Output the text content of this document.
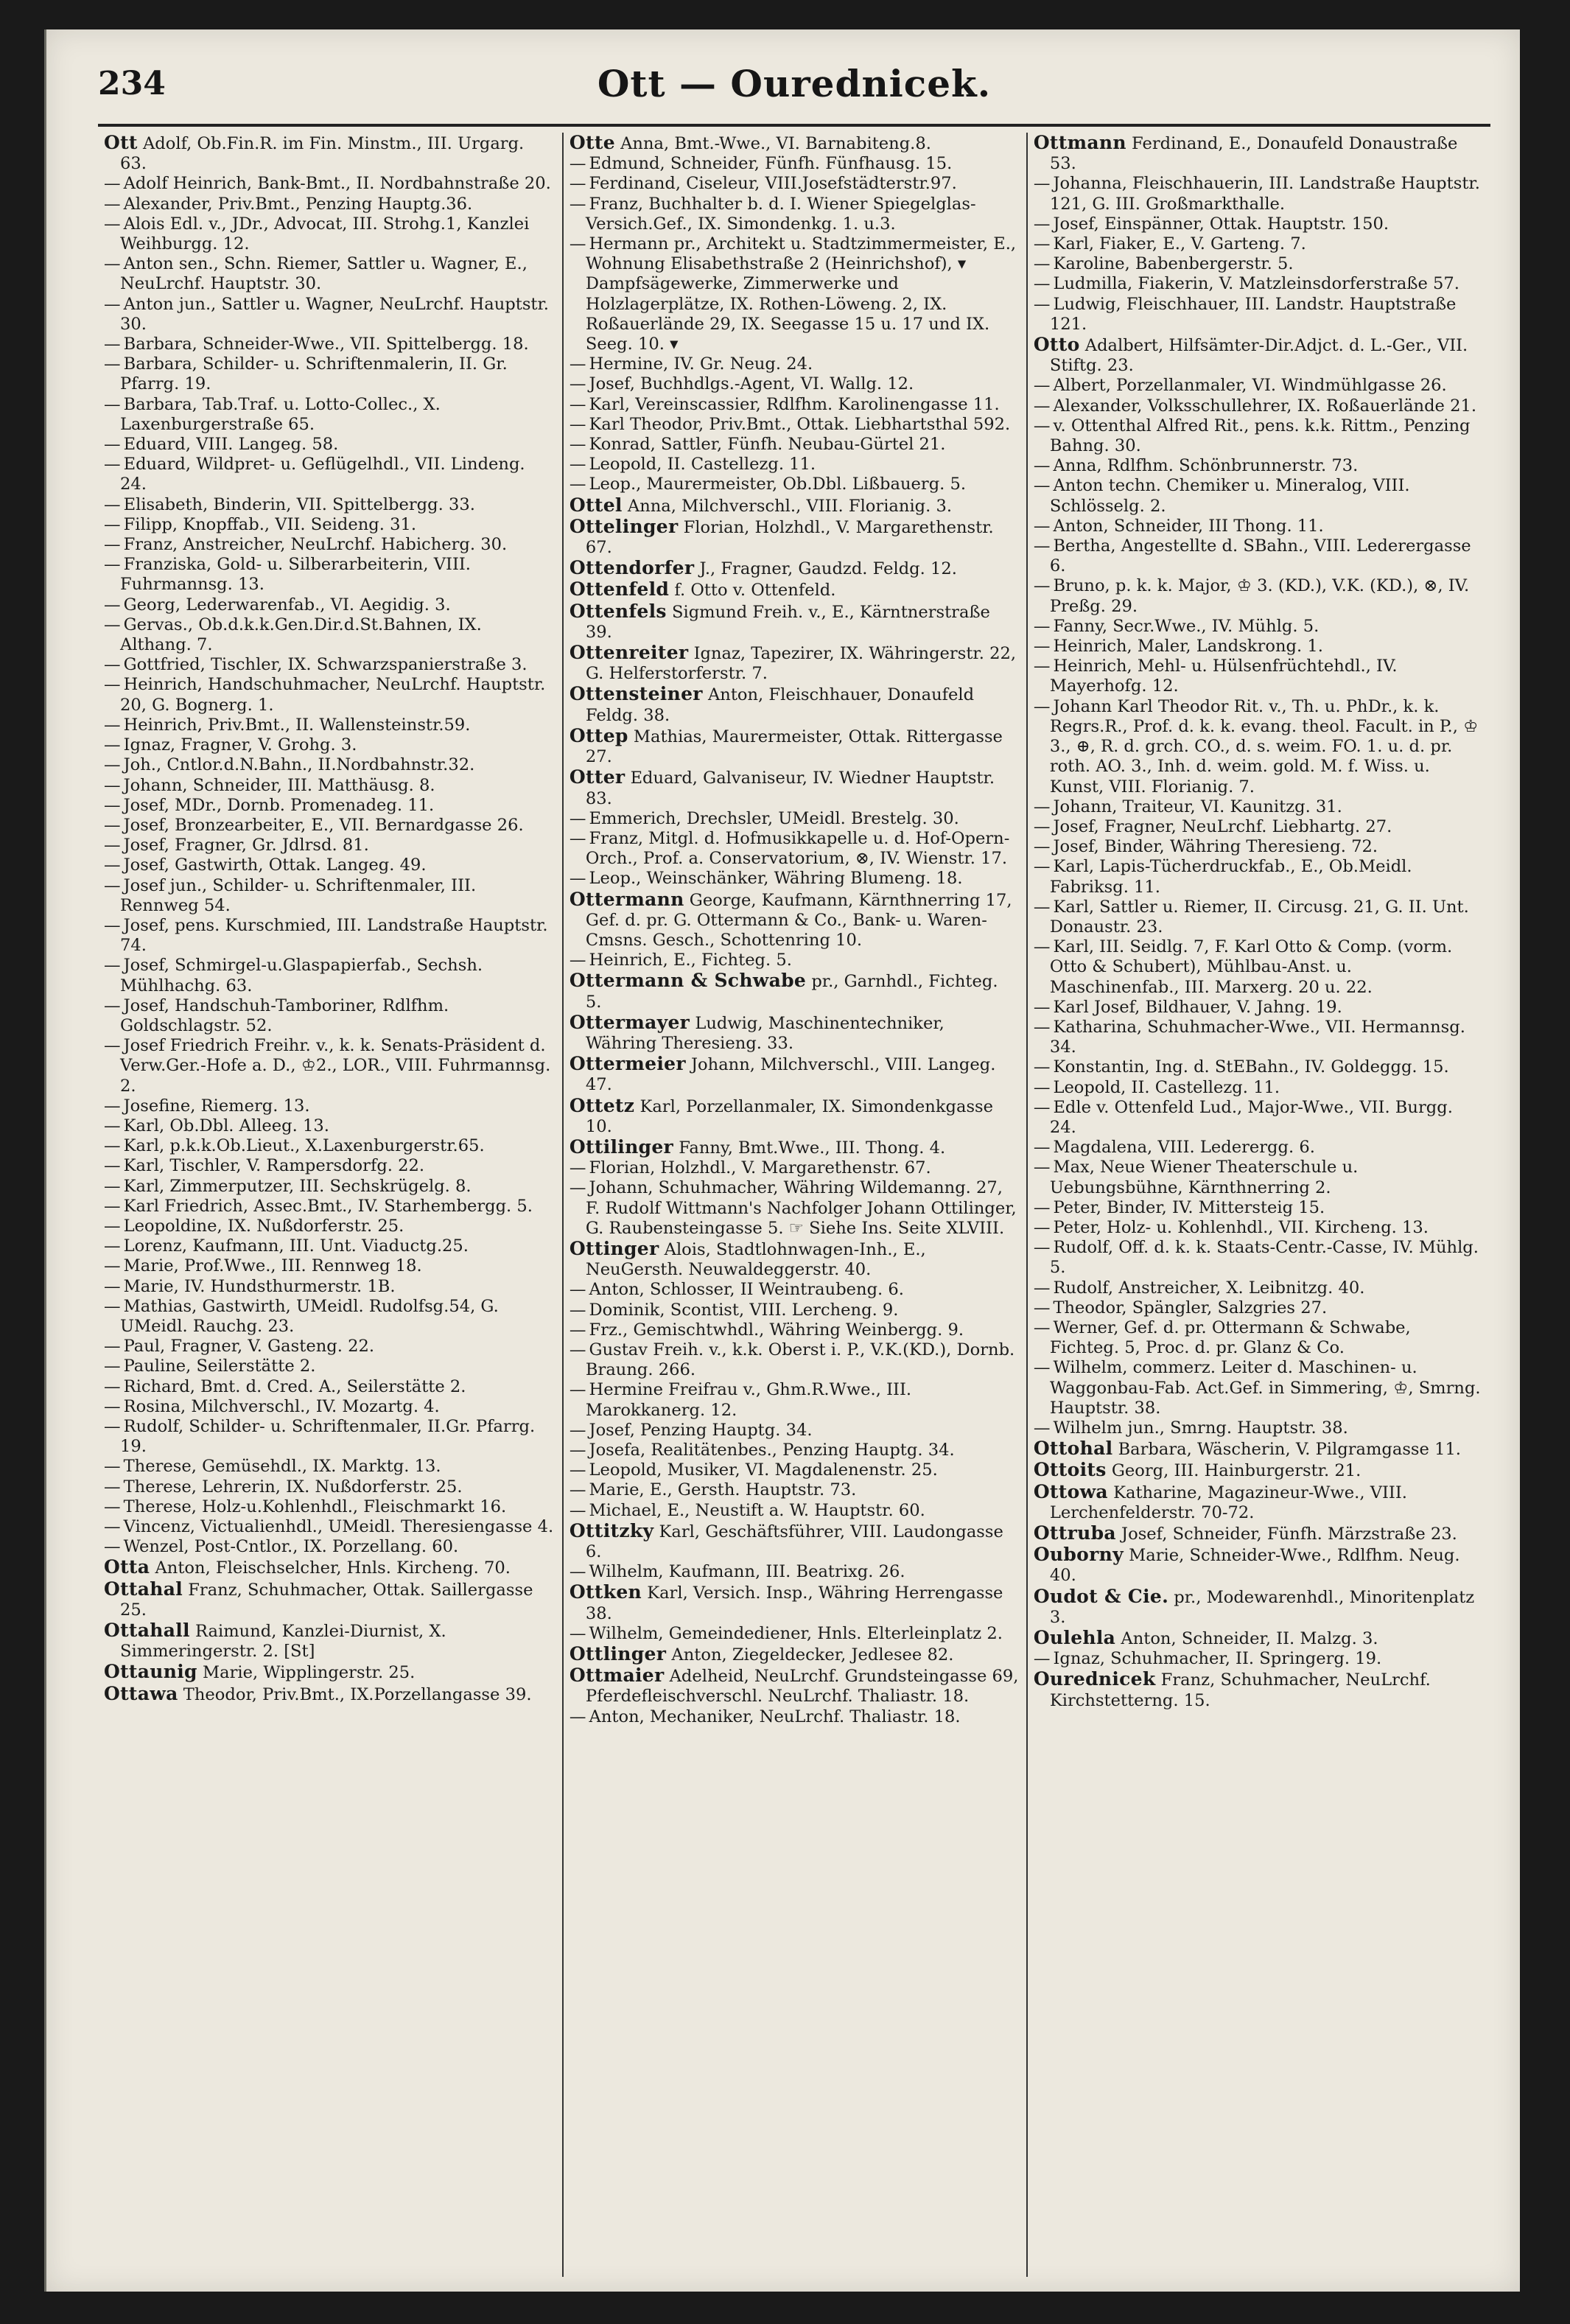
234	Ott — Ourednicek.
Ott Adolf, Ob.Fin.R. im Fin. Minstm., III. Urgarg. 63.
— Adolf Heinrich, Bank-Bmt., II. Nordbahnstraße 20.
— Alexander, Priv.Bmt., Penzing Hauptg.36.
— Alois Edl. v., JDr., Advocat, III. Strohg.1, Kanzlei Weihburgg. 12.
— Anton sen., Schn. Riemer, Sattler u. Wagner, E., NeuLrchf. Hauptstr. 30.
— Anton jun., Sattler u. Wagner, NeuLrchf. Hauptstr. 30.
— Barbara, Schneider-Wwe., VII. Spittelbergg. 18.
— Barbara, Schilder- u. Schriftenmalerin, II. Gr. Pfarrg. 19.
— Barbara, Tab.Traf. u. Lotto-Collec., X. Laxenburgerstraße 65.
— Eduard, VIII. Langeg. 58.
— Eduard, Wildpret- u. Geflügelhdl., VII. Lindeng. 24.
— Elisabeth, Binderin, VII. Spittelbergg. 33.
— Filipp, Knopffab., VII. Seideng. 31.
— Franz, Anstreicher, NeuLrchf. Habicherg. 30.
— Franziska, Gold- u. Silberarbeiterin, VIII. Fuhrmannsg. 13.
— Georg, Lederwarenfab., VI. Aegidig. 3.
— Gervas., Ob.d.k.k.Gen.Dir.d.St.Bahnen, IX. Althang. 7.
— Gottfried, Tischler, IX. Schwarzspanierstraße 3.
— Heinrich, Handschuhmacher, NeuLrchf. Hauptstr. 20, G. Bognerg. 1.
— Heinrich, Priv.Bmt., II. Wallensteinstr.59.
— Ignaz, Fragner, V. Grohg. 3.
— Joh., Cntlor.d.N.Bahn., II.Nordbahnstr.32.
— Johann, Schneider, III. Matthäusg. 8.
— Josef, MDr., Dornb. Promenadeg. 11.
— Josef, Bronzearbeiter, E., VII. Bernardgasse 26.
— Josef, Fragner, Gr. Jdlrsd. 81.
— Josef, Gastwirth, Ottak. Langeg. 49.
— Josef jun., Schilder- u. Schriftenmaler, III. Rennweg 54.
— Josef, pens. Kurschmied, III. Landstraße Hauptstr. 74.
— Josef, Schmirgel-u.Glaspapierfab., Sechsh. Mühlhachg. 63.
— Josef, Handschuh-Tamboriner, Rdlfhm. Goldschlagstr. 52.
— Josef Friedrich Freihr. v., k. k. Senats-Präsident d. Verw.Ger.-Hofe a. D., ♔2., LOR., VIII. Fuhrmannsg. 2.
— Josefine, Riemerg. 13.
— Karl, Ob.Dbl. Alleeg. 13.
— Karl, p.k.k.Ob.Lieut., X.Laxenburgerstr.65.
— Karl, Tischler, V. Rampersdorfg. 22.
— Karl, Zimmerputzer, III. Sechskrügelg. 8.
— Karl Friedrich, Assec.Bmt., IV. Starhembergg. 5.
— Leopoldine, IX. Nußdorferstr. 25.
— Lorenz, Kaufmann, III. Unt. Viaductg.25.
— Marie, Prof.Wwe., III. Rennweg 18.
— Marie, IV. Hundsthurmerstr. 1B.
— Mathias, Gastwirth, UMeidl. Rudolfsg.54, G. UMeidl. Rauchg. 23.
— Paul, Fragner, V. Gasteng. 22.
— Pauline, Seilerstätte 2.
— Richard, Bmt. d. Cred. A., Seilerstätte 2.
— Rosina, Milchverschl., IV. Mozartg. 4.
— Rudolf, Schilder- u. Schriftenmaler, II.Gr. Pfarrg. 19.
— Therese, Gemüsehdl., IX. Marktg. 13.
— Therese, Lehrerin, IX. Nußdorferstr. 25.
— Therese, Holz-u.Kohlenhdl., Fleischmarkt 16.
— Vincenz, Victualienhdl., UMeidl. Theresiengasse 4.
— Wenzel, Post-Cntlor., IX. Porzellang. 60.
Otta Anton, Fleischselcher, Hnls. Kircheng. 70.
Ottahal Franz, Schuhmacher, Ottak. Saillergasse 25.
Ottahall Raimund, Kanzlei-Diurnist, X. Simmeringerstr. 2. [St]
Ottaunig Marie, Wipplingerstr. 25.
Ottawa Theodor, Priv.Bmt., IX.Porzellangasse 39.
Otte Anna, Bmt.-Wwe., VI. Barnabiteng.8.
— Edmund, Schneider, Fünfh. Fünfhausg. 15.
— Ferdinand, Ciseleur, VIII.Josefstädterstr.97.
— Franz, Buchhalter b. d. I. Wiener Spiegelglas-Versich.Gef., IX. Simondenkg. 1. u.3.
— Hermann pr., Architekt u. Stadtzimmermeister, E., Wohnung Elisabethstraße 2 (Heinrichshof), ▾ Dampfsägewerke, Zimmerwerke und Holzlagerplätze, IX. Rothen-Löweng. 2, IX. Roßauerlände 29, IX. Seegasse 15 u. 17 und IX. Seeg. 10. ▾
— Hermine, IV. Gr. Neug. 24.
— Josef, Buchhdlgs.-Agent, VI. Wallg. 12.
— Karl, Vereinscassier, Rdlfhm. Karolinengasse 11.
— Karl Theodor, Priv.Bmt., Ottak. Liebhartsthal 592.
— Konrad, Sattler, Fünfh. Neubau-Gürtel 21.
— Leopold, II. Castellezg. 11.
— Leop., Maurermeister, Ob.Dbl. Lißbauerg. 5.
Ottel Anna, Milchverschl., VIII. Florianig. 3.
Ottelinger Florian, Holzhdl., V. Margarethenstr. 67.
Ottendorfer J., Fragner, Gaudzd. Feldg. 12.
Ottenfeld f. Otto v. Ottenfeld.
Ottenfels Sigmund Freih. v., E., Kärntnerstraße 39.
Ottenreiter Ignaz, Tapezirer, IX. Währingerstr. 22, G. Helferstorferstr. 7.
Ottensteiner Anton, Fleischhauer, Donaufeld Feldg. 38.
Ottep Mathias, Maurermeister, Ottak. Rittergasse 27.
Otter Eduard, Galvaniseur, IV. Wiedner Hauptstr. 83.
— Emmerich, Drechsler, UMeidl. Brestelg. 30.
— Franz, Mitgl. d. Hofmusikkapelle u. d. Hof-Opern-Orch., Prof. a. Conservatorium, ⊗, IV. Wienstr. 17.
— Leop., Weinschänker, Währing Blumeng. 18.
Ottermann George, Kaufmann, Kärnthnerring 17, Gef. d. pr. G. Ottermann & Co., Bank- u. Waren-Cmsns. Gesch., Schottenring 10.
— Heinrich, E., Fichteg. 5.
Ottermann & Schwabe pr., Garnhdl., Fichteg. 5.
Ottermayer Ludwig, Maschinentechniker, Währing Theresieng. 33.
Ottermeier Johann, Milchverschl., VIII. Langeg. 47.
Ottetz Karl, Porzellanmaler, IX. Simondenkgasse 10.
Ottilinger Fanny, Bmt.Wwe., III. Thong. 4.
— Florian, Holzhdl., V. Margarethenstr. 67.
— Johann, Schuhmacher, Währing Wildemanng. 27, F. Rudolf Wittmann's Nachfolger Johann Ottilinger, G. Raubensteingasse 5. ☞ Siehe Ins. Seite XLVIII.
Ottinger Alois, Stadtlohnwagen-Inh., E., NeuGersth. Neuwaldeggerstr. 40.
— Anton, Schlosser, II Weintraubeng. 6.
— Dominik, Scontist, VIII. Lercheng. 9.
— Frz., Gemischtwhdl., Währing Weinbergg. 9.
— Gustav Freih. v., k.k. Oberst i. P., V.K.(KD.), Dornb. Braung. 266.
— Hermine Freifrau v., Ghm.R.Wwe., III. Marokkanerg. 12.
— Josef, Penzing Hauptg. 34.
— Josefa, Realitätenbes., Penzing Hauptg. 34.
— Leopold, Musiker, VI. Magdalenenstr. 25.
— Marie, E., Gersth. Hauptstr. 73.
— Michael, E., Neustift a. W. Hauptstr. 60.
Ottitzky Karl, Geschäftsführer, VIII. Laudongasse 6.
— Wilhelm, Kaufmann, III. Beatrixg. 26.
Ottken Karl, Versich. Insp., Währing Herrengasse 38.
— Wilhelm, Gemeindediener, Hnls. Elterleinplatz 2.
Ottlinger Anton, Ziegeldecker, Jedlesee 82.
Ottmaier Adelheid, NeuLrchf. Grundsteingasse 69, Pferdefleischverschl. NeuLrchf. Thaliastr. 18.
— Anton, Mechaniker, NeuLrchf. Thaliastr. 18.
Ottmann Ferdinand, E., Donaufeld Donaustraße 53.
— Johanna, Fleischhauerin, III. Landstraße Hauptstr. 121, G. III. Großmarkthalle.
— Josef, Einspänner, Ottak. Hauptstr. 150.
— Karl, Fiaker, E., V. Garteng. 7.
— Karoline, Babenbergerstr. 5.
— Ludmilla, Fiakerin, V. Matzleinsdorferstraße 57.
— Ludwig, Fleischhauer, III. Landstr. Hauptstraße 121.
Otto Adalbert, Hilfsämter-Dir.Adjct. d. L.-Ger., VII. Stiftg. 23.
— Albert, Porzellanmaler, VI. Windmühlgasse 26.
— Alexander, Volksschullehrer, IX. Roßauerlände 21.
— v. Ottenthal Alfred Rit., pens. k.k. Rittm., Penzing Bahng. 30.
— Anna, Rdlfhm. Schönbrunnerstr. 73.
— Anton techn. Chemiker u. Mineralog, VIII. Schlösselg. 2.
— Anton, Schneider, III Thong. 11.
— Bertha, Angestellte d. SBahn., VIII. Lederergasse 6.
— Bruno, p. k. k. Major, ♔ 3. (KD.), V.K. (KD.), ⊗, IV. Preßg. 29.
— Fanny, Secr.Wwe., IV. Mühlg. 5.
— Heinrich, Maler, Landskrong. 1.
— Heinrich, Mehl- u. Hülsenfrüchtehdl., IV. Mayerhofg. 12.
— Johann Karl Theodor Rit. v., Th. u. PhDr., k. k. Regrs.R., Prof. d. k. k. evang. theol. Facult. in P., ♔ 3., ⊕, R. d. grch. CO., d. s. weim. FO. 1. u. d. pr. roth. AO. 3., Inh. d. weim. gold. M. f. Wiss. u. Kunst, VIII. Florianig. 7.
— Johann, Traiteur, VI. Kaunitzg. 31.
— Josef, Fragner, NeuLrchf. Liebhartg. 27.
— Josef, Binder, Währing Theresieng. 72.
— Karl, Lapis-Tücherdruckfab., E., Ob.Meidl. Fabriksg. 11.
— Karl, Sattler u. Riemer, II. Circusg. 21, G. II. Unt. Donaustr. 23.
— Karl, III. Seidlg. 7, F. Karl Otto & Comp. (vorm. Otto & Schubert), Mühlbau-Anst. u. Maschinenfab., III. Marxerg. 20 u. 22.
— Karl Josef, Bildhauer, V. Jahng. 19.
— Katharina, Schuhmacher-Wwe., VII. Hermannsg. 34.
— Konstantin, Ing. d. StEBahn., IV. Goldeggg. 15.
— Leopold, II. Castellezg. 11.
— Edle v. Ottenfeld Lud., Major-Wwe., VII. Burgg. 24.
— Magdalena, VIII. Lederergg. 6.
— Max, Neue Wiener Theaterschule u. Uebungsbühne, Kärnthnerring 2.
— Peter, Binder, IV. Mittersteig 15.
— Peter, Holz- u. Kohlenhdl., VII. Kircheng. 13.
— Rudolf, Off. d. k. k. Staats-Centr.-Casse, IV. Mühlg. 5.
— Rudolf, Anstreicher, X. Leibnitzg. 40.
— Theodor, Spängler, Salzgries 27.
— Werner, Gef. d. pr. Ottermann & Schwabe, Fichteg. 5, Proc. d. pr. Glanz & Co.
— Wilhelm, commerz. Leiter d. Maschinen- u. Waggonbau-Fab. Act.Gef. in Simmering, ♔, Smrng. Hauptstr. 38.
— Wilhelm jun., Smrng. Hauptstr. 38.
Ottohal Barbara, Wäscherin, V. Pilgramgasse 11.
Ottoits Georg, III. Hainburgerstr. 21.
Ottowa Katharine, Magazineur-Wwe., VIII. Lerchenfelderstr. 70-72.
Ottruba Josef, Schneider, Fünfh. Märzstraße 23.
Ouborny Marie, Schneider-Wwe., Rdlfhm. Neug. 40.
Oudot & Cie. pr., Modewarenhdl., Minoritenplatz 3.
Oulehla Anton, Schneider, II. Malzg. 3.
— Ignaz, Schuhmacher, II. Springerg. 19.
Ourednicek Franz, Schuhmacher, NeuLrchf. Kirchstetterng. 15.
